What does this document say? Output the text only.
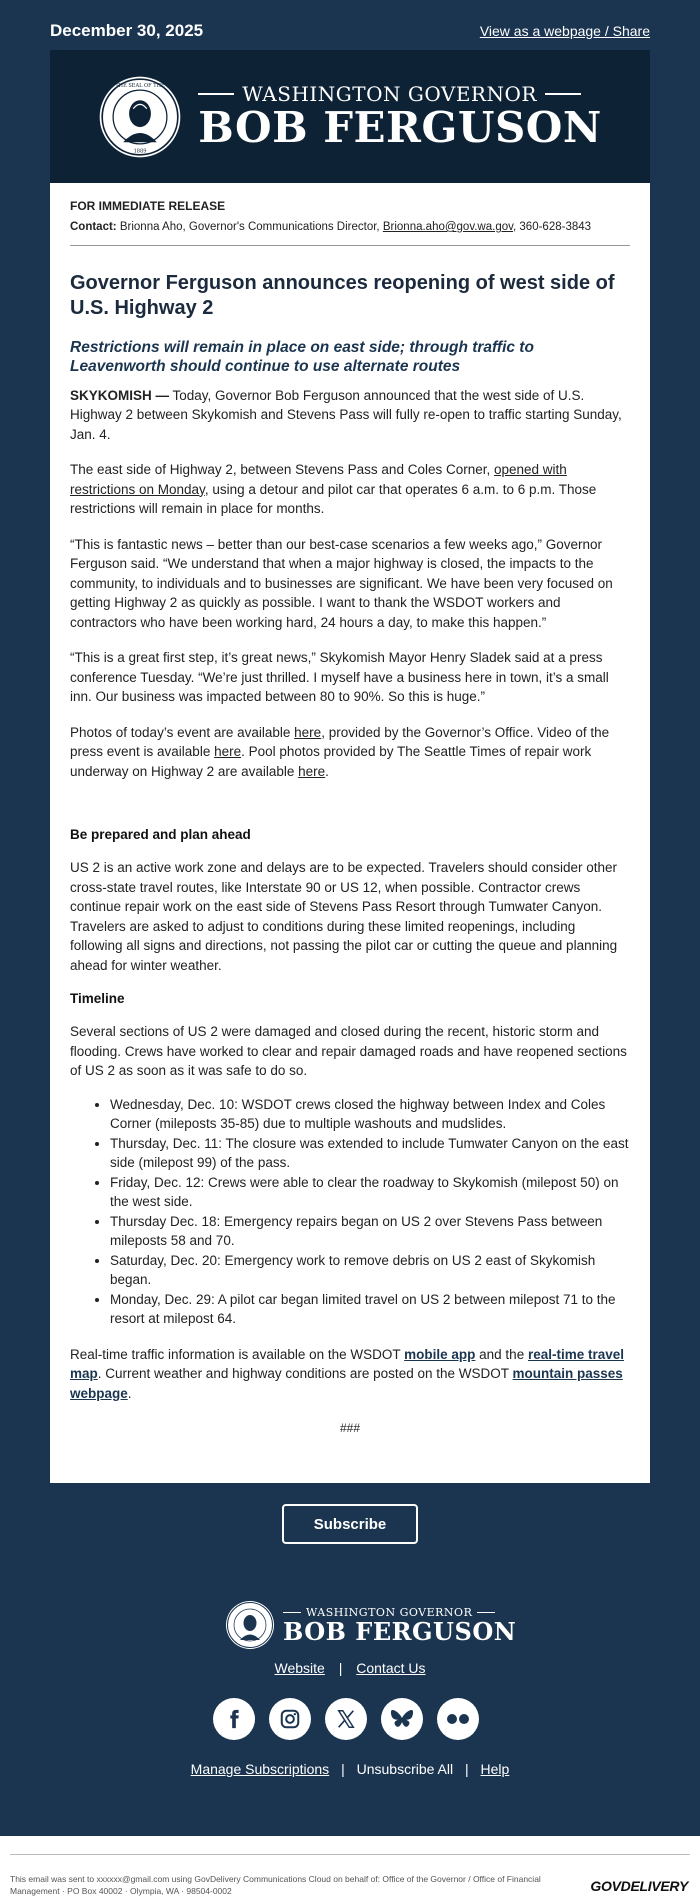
December 30, 2025	View as a webpage / Share
THE SEAL OF THE
1889
WASHINGTON GOVERNOR
BOB FERGUSON
FOR IMMEDIATE RELEASE
Contact: Brionna Aho, Governor's Communications Director, Brionna.aho@gov.wa.gov, 360-628-3843
Governor Ferguson announces reopening of west side of U.S. Highway 2
Restrictions will remain in place on east side; through traffic to Leavenworth should continue to use alternate routes

SKYKOMISH — Today, Governor Bob Ferguson announced that the west side of U.S. Highway 2 between Skykomish and Stevens Pass will fully re-open to traffic starting Sunday, Jan. 4.

The east side of Highway 2, between Stevens Pass and Coles Corner, opened with restrictions on Monday, using a detour and pilot car that operates 6 a.m. to 6 p.m. Those restrictions will remain in place for months.

“This is fantastic news – better than our best-case scenarios a few weeks ago,” Governor Ferguson said. “We understand that when a major highway is closed, the impacts to the community, to individuals and to businesses are significant. We have been very focused on getting Highway 2 as quickly as possible. I want to thank the WSDOT workers and contractors who have been working hard, 24 hours a day, to make this happen.”

“This is a great first step, it’s great news,” Skykomish Mayor Henry Sladek said at a press conference Tuesday. “We’re just thrilled. I myself have a business here in town, it’s a small inn. Our business was impacted between 80 to 90%. So this is huge.”

Photos of today’s event are available here, provided by the Governor’s Office. Video of the press event is available here. Pool photos provided by The Seattle Times of repair work underway on Highway 2 are available here.

Be prepared and plan ahead

US 2 is an active work zone and delays are to be expected. Travelers should consider other cross-state travel routes, like Interstate 90 or US 12, when possible. Contractor crews continue repair work on the east side of Stevens Pass Resort through Tumwater Canyon. Travelers are asked to adjust to conditions during these limited reopenings, including following all signs and directions, not passing the pilot car or cutting the queue and planning ahead for winter weather.

Timeline

Several sections of US 2 were damaged and closed during the recent, historic storm and flooding. Crews have worked to clear and repair damaged roads and have reopened sections of US 2 as soon as it was safe to do so.

• Wednesday, Dec. 10: WSDOT crews closed the highway between Index and Coles Corner (mileposts 35-85) due to multiple washouts and mudslides.
• Thursday, Dec. 11: The closure was extended to include Tumwater Canyon on the east side (milepost 99) of the pass.
• Friday, Dec. 12: Crews were able to clear the roadway to Skykomish (milepost 50) on the west side.
• Thursday Dec. 18: Emergency repairs began on US 2 over Stevens Pass between mileposts 58 and 70.
• Saturday, Dec. 20: Emergency work to remove debris on US 2 east of Skykomish began.
• Monday, Dec. 29: A pilot car began limited travel on US 2 between milepost 71 to the resort at milepost 64.

Real-time traffic information is available on the WSDOT mobile app and the real-time travel map. Current weather and highway conditions are posted on the WSDOT mountain passes webpage.

###
Subscribe
WASHINGTON GOVERNOR
BOB FERGUSON
Website | Contact Us
Manage Subscriptions | Unsubscribe All | Help
This email was sent to xxxxxx@gmail.com using GovDelivery Communications Cloud on behalf of: Office of the Governor / Office of Financial Management · PO Box 40002 · Olympia, WA · 98504-0002	GOVDELIVERY
